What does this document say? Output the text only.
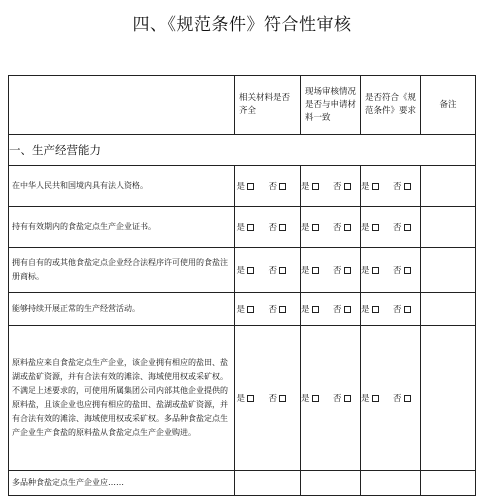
四、《规范条件》符合性审核

	相关材料是否齐全	现场审核情况是否与申请材料一致	是否符合《规范条件》要求	备注

一、生产经营能力				
在中华人民共和国境内具有法人资格。	是 否	是 否	是 否	
持有有效期内的食盐定点生产企业证书。	是 否	是 否	是 否	
拥有自有的或其他食盐定点企业经合法程序许可使用的食盐注册商标。	是 否	是 否	是 否	
能够持续开展正常的生产经营活动。	是 否	是 否	是 否	
原料盐应来自食盐定点生产企业，该企业拥有相应的盐田、盐湖或盐矿资源，并有合法有效的滩涂、海域使用权或采矿权。不满足上述要求的，可使用所属集团公司内部其他企业提供的原料盐，且该企业也应拥有相应的盐田、盐湖或盐矿资源，并有合法有效的滩涂、海域使用权或采矿权。多品种食盐定点生产企业生产食盐的原料盐从食盐定点生产企业购进。	是 否	是 否	是 否	
多品种食盐定点生产企业应……				
